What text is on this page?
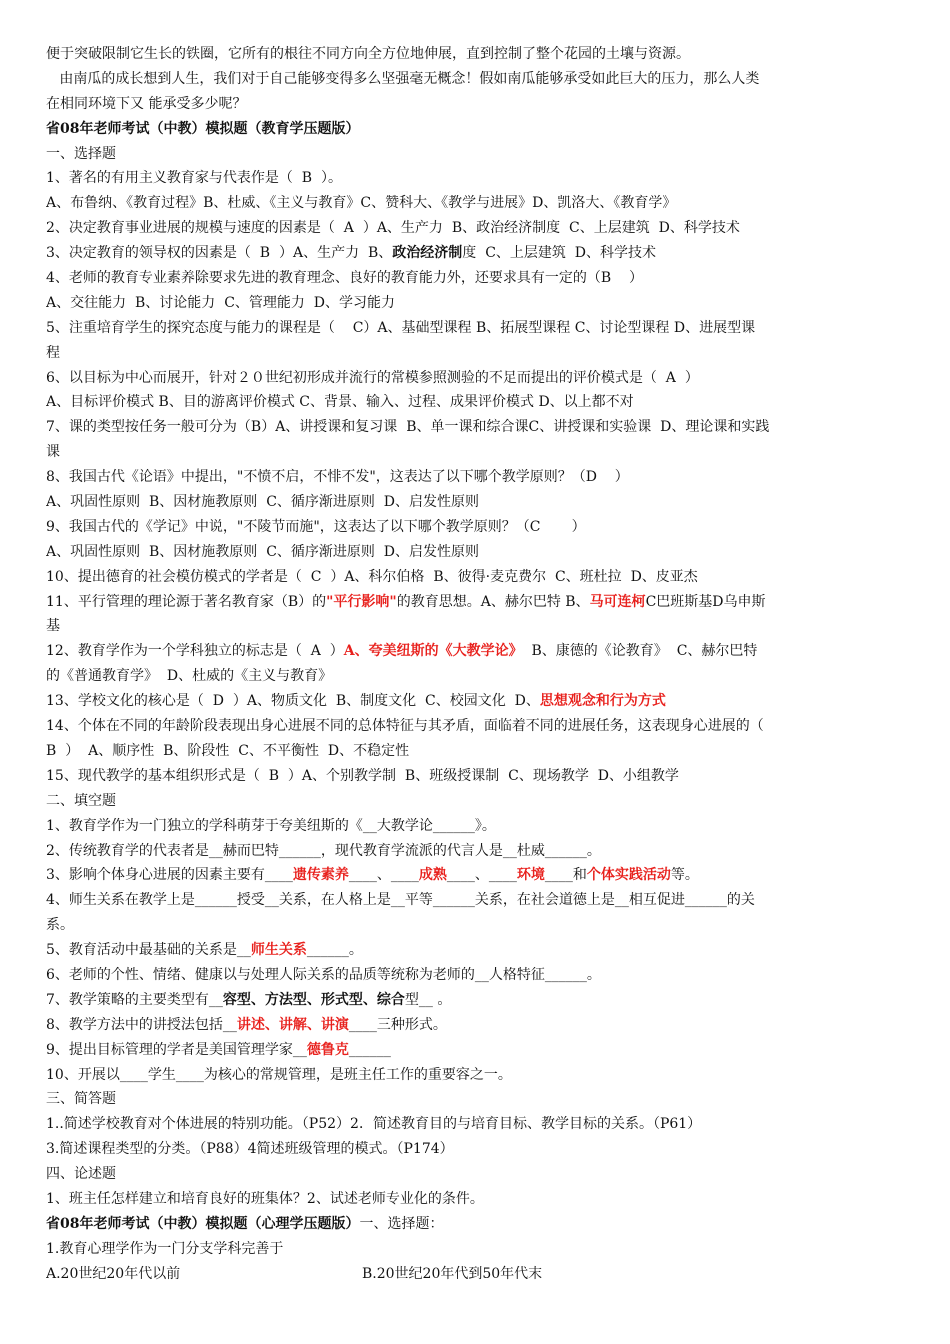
便于突破限制它生长的铁圈，它所有的根往不同方向全方位地伸展，直到控制了整个花园的土壤与资源。
由南瓜的成长想到人生，我们对于自己能够变得多么坚强毫无概念！假如南瓜能够承受如此巨大的压力，那么人类
在相同环境下又 能承受多少呢？
省08年老师考试（中教）模拟题（教育学压题版）
一、选择题
1、著名的有用主义教育家与代表作是（  B  ）。
A、布鲁纳、《教育过程》B、杜威、《主义与教育》C、赞科大、《教学与进展》D、凯洛大、《教育学》
2、决定教育事业进展的规模与速度的因素是（  A  ）A、生产力  B、政治经济制度  C、上层建筑  D、科学技术
3、决定教育的领导权的因素是（  B  ）A、生产力  B、政治经济制度  C、上层建筑  D、科学技术
4、老师的教育专业素养除要求先进的教育理念、良好的教育能力外，还要求具有一定的（B    ）
A、交往能力  B、讨论能力  C、管理能力  D、学习能力
5、注重培育学生的探究态度与能力的课程是（    C）A、基础型课程 B、拓展型课程 C、讨论型课程 D、进展型课
程
6、以目标为中心而展开，针对２０世纪初形成并流行的常模参照测验的不足而提出的评价模式是（  A  ）
A、目标评价模式 B、目的游离评价模式 C、背景、输入、过程、成果评价模式 D、以上都不对
7、课的类型按任务一般可分为（B）A、讲授课和复习课  B、单一课和综合课C、讲授课和实验课  D、理论课和实践
课
8、我国古代《论语》中提出，"不愤不启，不悱不发"，这表达了以下哪个教学原则？（D    ）
A、巩固性原则  B、因材施教原则  C、循序渐进原则  D、启发性原则
9、我国古代的《学记》中说，"不陵节而施"，这表达了以下哪个教学原则？（C       ）
A、巩固性原则  B、因材施教原则  C、循序渐进原则  D、启发性原则
10、提出德育的社会模仿模式的学者是（  C  ）A、科尔伯格  B、彼得·麦克费尔  C、班杜拉  D、皮亚杰
11、平行管理的理论源于著名教育家（B）的"平行影响"的教育思想。A、赫尔巴特 B、马可连柯C巴班斯基D乌申斯
基
12、教育学作为一个学科独立的标志是（  A  ）A、夸美纽斯的《大教学论》  B、康德的《论教育》  C、赫尔巴特
的《普通教育学》  D、杜威的《主义与教育》
13、学校文化的核心是（  D  ）A、物质文化  B、制度文化  C、校园文化  D、思想观念和行为方式
14、个体在不同的年龄阶段表现出身心进展不同的总体特征与其矛盾，面临着不同的进展任务，这表现身心进展的（
B  ）  A、顺序性  B、阶段性  C、不平衡性  D、不稳定性
15、现代教学的基本组织形式是（  B  ）A、个别教学制  B、班级授课制  C、现场教学  D、小组教学
二、填空题
1、教育学作为一门独立的学科萌芽于夸美纽斯的《__大教学论______》。
2、传统教育学的代表者是__赫而巴特______，现代教育学流派的代言人是__杜威______。
3、影响个体身心进展的因素主要有____遗传素养____、____成熟____、____环境____和个体实践活动等。
4、师生关系在教学上是______授受__关系，在人格上是__平等______关系，在社会道德上是__相互促进______的关
系。
5、教育活动中最基础的关系是__师生关系______。
6、老师的个性、情绪、健康以与处理人际关系的品质等统称为老师的__人格特征______。
7、教学策略的主要类型有__容型、方法型、形式型、综合型__ 。
8、教学方法中的讲授法包括__讲述、讲解、讲演____三种形式。
9、提出目标管理的学者是美国管理学家__德鲁克______
10、开展以____学生____为核心的常规管理，是班主任工作的重要容之一。
三、简答题
1..简述学校教育对个体进展的特别功能。（P52）2．简述教育目的与培育目标、教学目标的关系。（P61）
3.简述课程类型的分类。（P88）4简述班级管理的模式。（P174）
四、论述题
1、班主任怎样建立和培育良好的班集体？2、试述老师专业化的条件。
省08年老师考试（中教）模拟题（心理学压题版）一、选择题：
1.教育心理学作为一门分支学科完善于
A.20世纪20年代以前	B.20世纪20年代到50年代末
